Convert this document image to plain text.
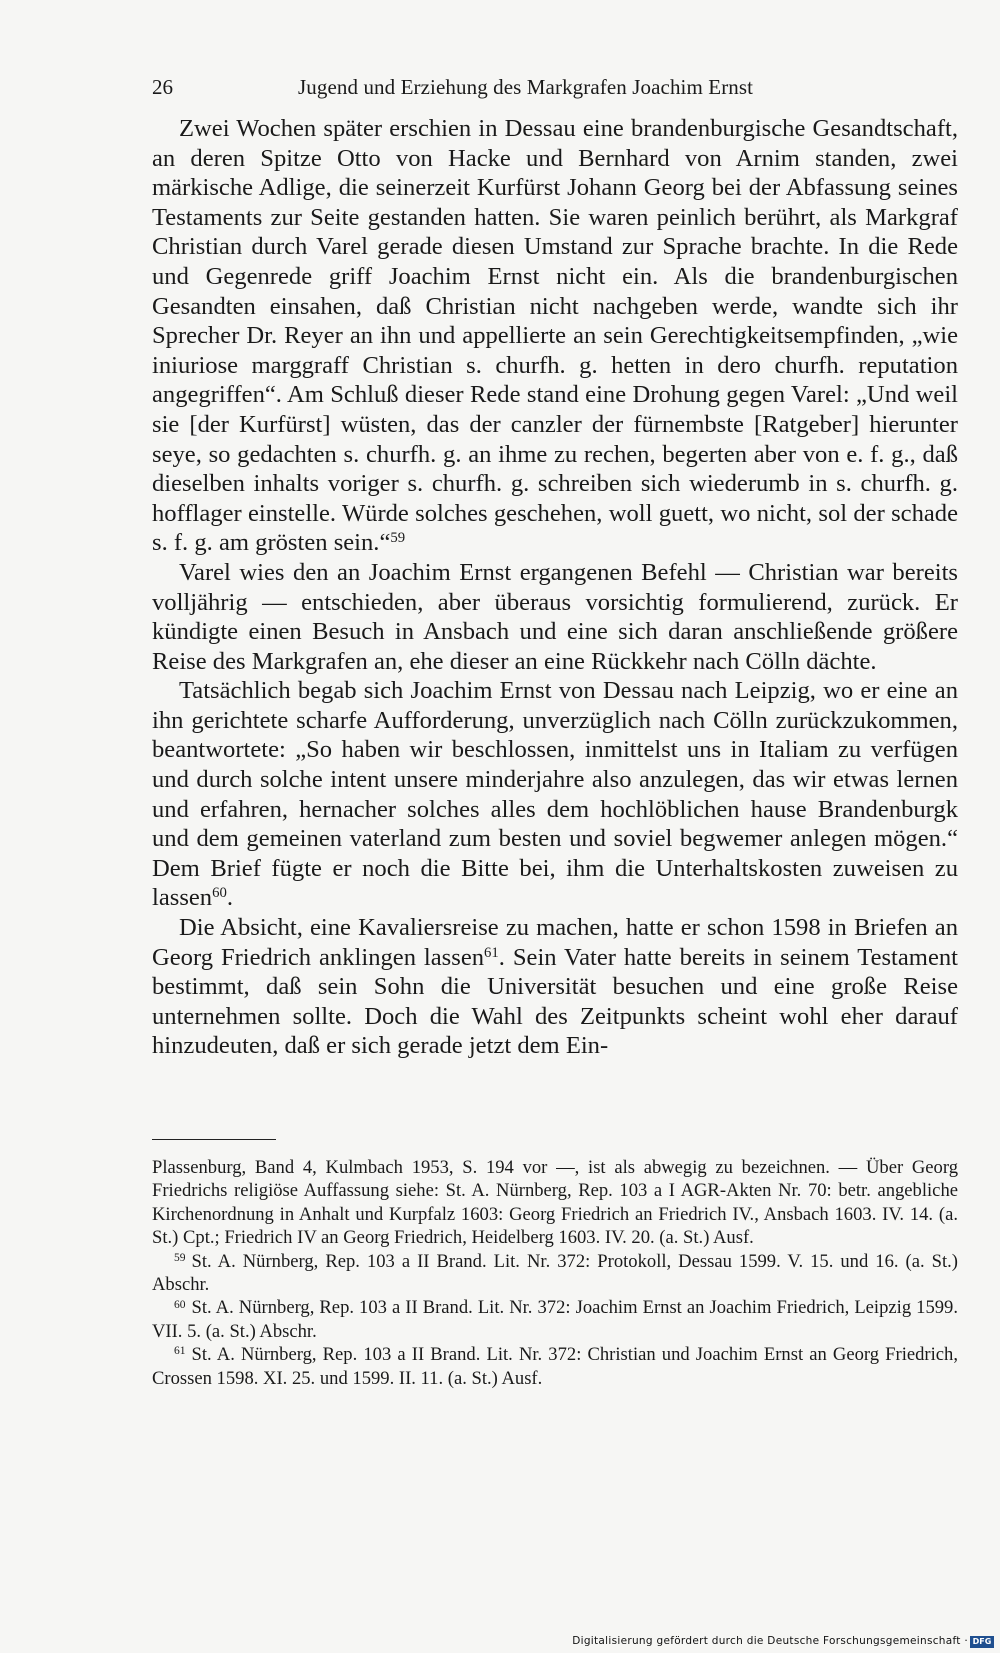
26	Jugend und Erziehung des Markgrafen Joachim Ernst

Zwei Wochen später erschien in Dessau eine brandenburgische Gesandtschaft, an deren Spitze Otto von Hacke und Bernhard von Arnim standen, zwei märkische Adlige, die seinerzeit Kurfürst Johann Georg bei der Abfassung seines Testaments zur Seite gestanden hatten. Sie waren peinlich berührt, als Markgraf Christian durch Varel gerade diesen Umstand zur Sprache brachte. In die Rede und Gegenrede griff Joachim Ernst nicht ein. Als die brandenburgischen Gesandten einsahen, daß Christian nicht nachgeben werde, wandte sich ihr Sprecher Dr. Reyer an ihn und appellierte an sein Gerechtigkeitsempfinden, „wie iniuriose marggraff Christian s. churfh. g. hetten in dero churfh. reputation angegriffen“. Am Schluß dieser Rede stand eine Drohung gegen Varel: „Und weil sie [der Kurfürst] wüsten, das der canzler der fürnembste [Ratgeber] hierunter seye, so gedachten s. churfh. g. an ihme zu rechen, begerten aber von e. f. g., daß dieselben inhalts voriger s. churfh. g. schreiben sich wiederumb in s. churfh. g. hofflager einstelle. Würde solches geschehen, woll guett, wo nicht, sol der schade s. f. g. am grösten sein.“$^{59}$

Varel wies den an Joachim Ernst ergangenen Befehl — Christian war bereits volljährig — entschieden, aber überaus vorsichtig formulierend, zurück. Er kündigte einen Besuch in Ansbach und eine sich daran anschließende größere Reise des Markgrafen an, ehe dieser an eine Rückkehr nach Cölln dächte.

Tatsächlich begab sich Joachim Ernst von Dessau nach Leipzig, wo er eine an ihn gerichtete scharfe Aufforderung, unverzüglich nach Cölln zurückzukommen, beantwortete: „So haben wir beschlossen, inmittelst uns in Italiam zu verfügen und durch solche intent unsere minderjahre also anzulegen, das wir etwas lernen und erfahren, hernacher solches alles dem hochlöblichen hause Brandenburgk und dem gemeinen vaterland zum besten und soviel begwemer anlegen mögen.“ Dem Brief fügte er noch die Bitte bei, ihm die Unterhaltskosten zuweisen zu lassen$^{60}$.

Die Absicht, eine Kavaliersreise zu machen, hatte er schon 1598 in Briefen an Georg Friedrich anklingen lassen$^{61}$. Sein Vater hatte bereits in seinem Testament bestimmt, daß sein Sohn die Universität besuchen und eine große Reise unternehmen sollte. Doch die Wahl des Zeitpunkts scheint wohl eher darauf hinzudeuten, daß er sich gerade jetzt dem Ein-

Plassenburg, Band 4, Kulmbach 1953, S. 194 vor —, ist als abwegig zu bezeichnen. — Über Georg Friedrichs religiöse Auffassung siehe: St. A. Nürnberg, Rep. 103 a I AGR-Akten Nr. 70: betr. angebliche Kirchenordnung in Anhalt und Kurpfalz 1603: Georg Friedrich an Friedrich IV., Ansbach 1603. IV. 14. (a. St.) Cpt.; Friedrich IV an Georg Friedrich, Heidelberg 1603. IV. 20. (a. St.) Ausf.

$^{59}$ St. A. Nürnberg, Rep. 103 a II Brand. Lit. Nr. 372: Protokoll, Dessau 1599. V. 15. und 16. (a. St.) Abschr.

$^{60}$ St. A. Nürnberg, Rep. 103 a II Brand. Lit. Nr. 372: Joachim Ernst an Joachim Friedrich, Leipzig 1599. VII. 5. (a. St.) Abschr.

$^{61}$ St. A. Nürnberg, Rep. 103 a II Brand. Lit. Nr. 372: Christian und Joachim Ernst an Georg Friedrich, Crossen 1598. XI. 25. und 1599. II. 11. (a. St.) Ausf.

Digitalisierung gefördert durch die Deutsche Forschungsgemeinschaft · DFG
